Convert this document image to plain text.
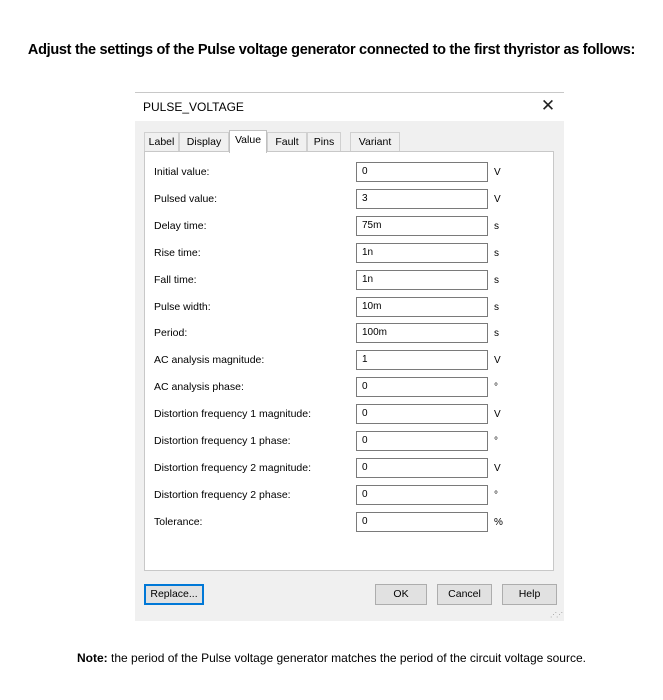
Adjust the settings of the Pulse voltage generator connected to the first thyristor as follows:
PULSE_VOLTAGE	✕
Label	Display	Value	Fault	Pins	Variant
Initial value:	0	V
Pulsed value:	3	V
Delay time:	75m	s
Rise time:	1n	s
Fall time:	1n	s
Pulse width:	10m	s
Period:	100m	s
AC analysis magnitude:	1	V
AC analysis phase:	0	°
Distortion frequency 1 magnitude:	0	V
Distortion frequency 1 phase:	0	°
Distortion frequency 2 magnitude:	0	V
Distortion frequency 2 phase:	0	°
Tolerance:	0	%
Replace...	OK	Cancel	Help
⋰⋰
Note: the period of the Pulse voltage generator matches the period of the circuit voltage source.
